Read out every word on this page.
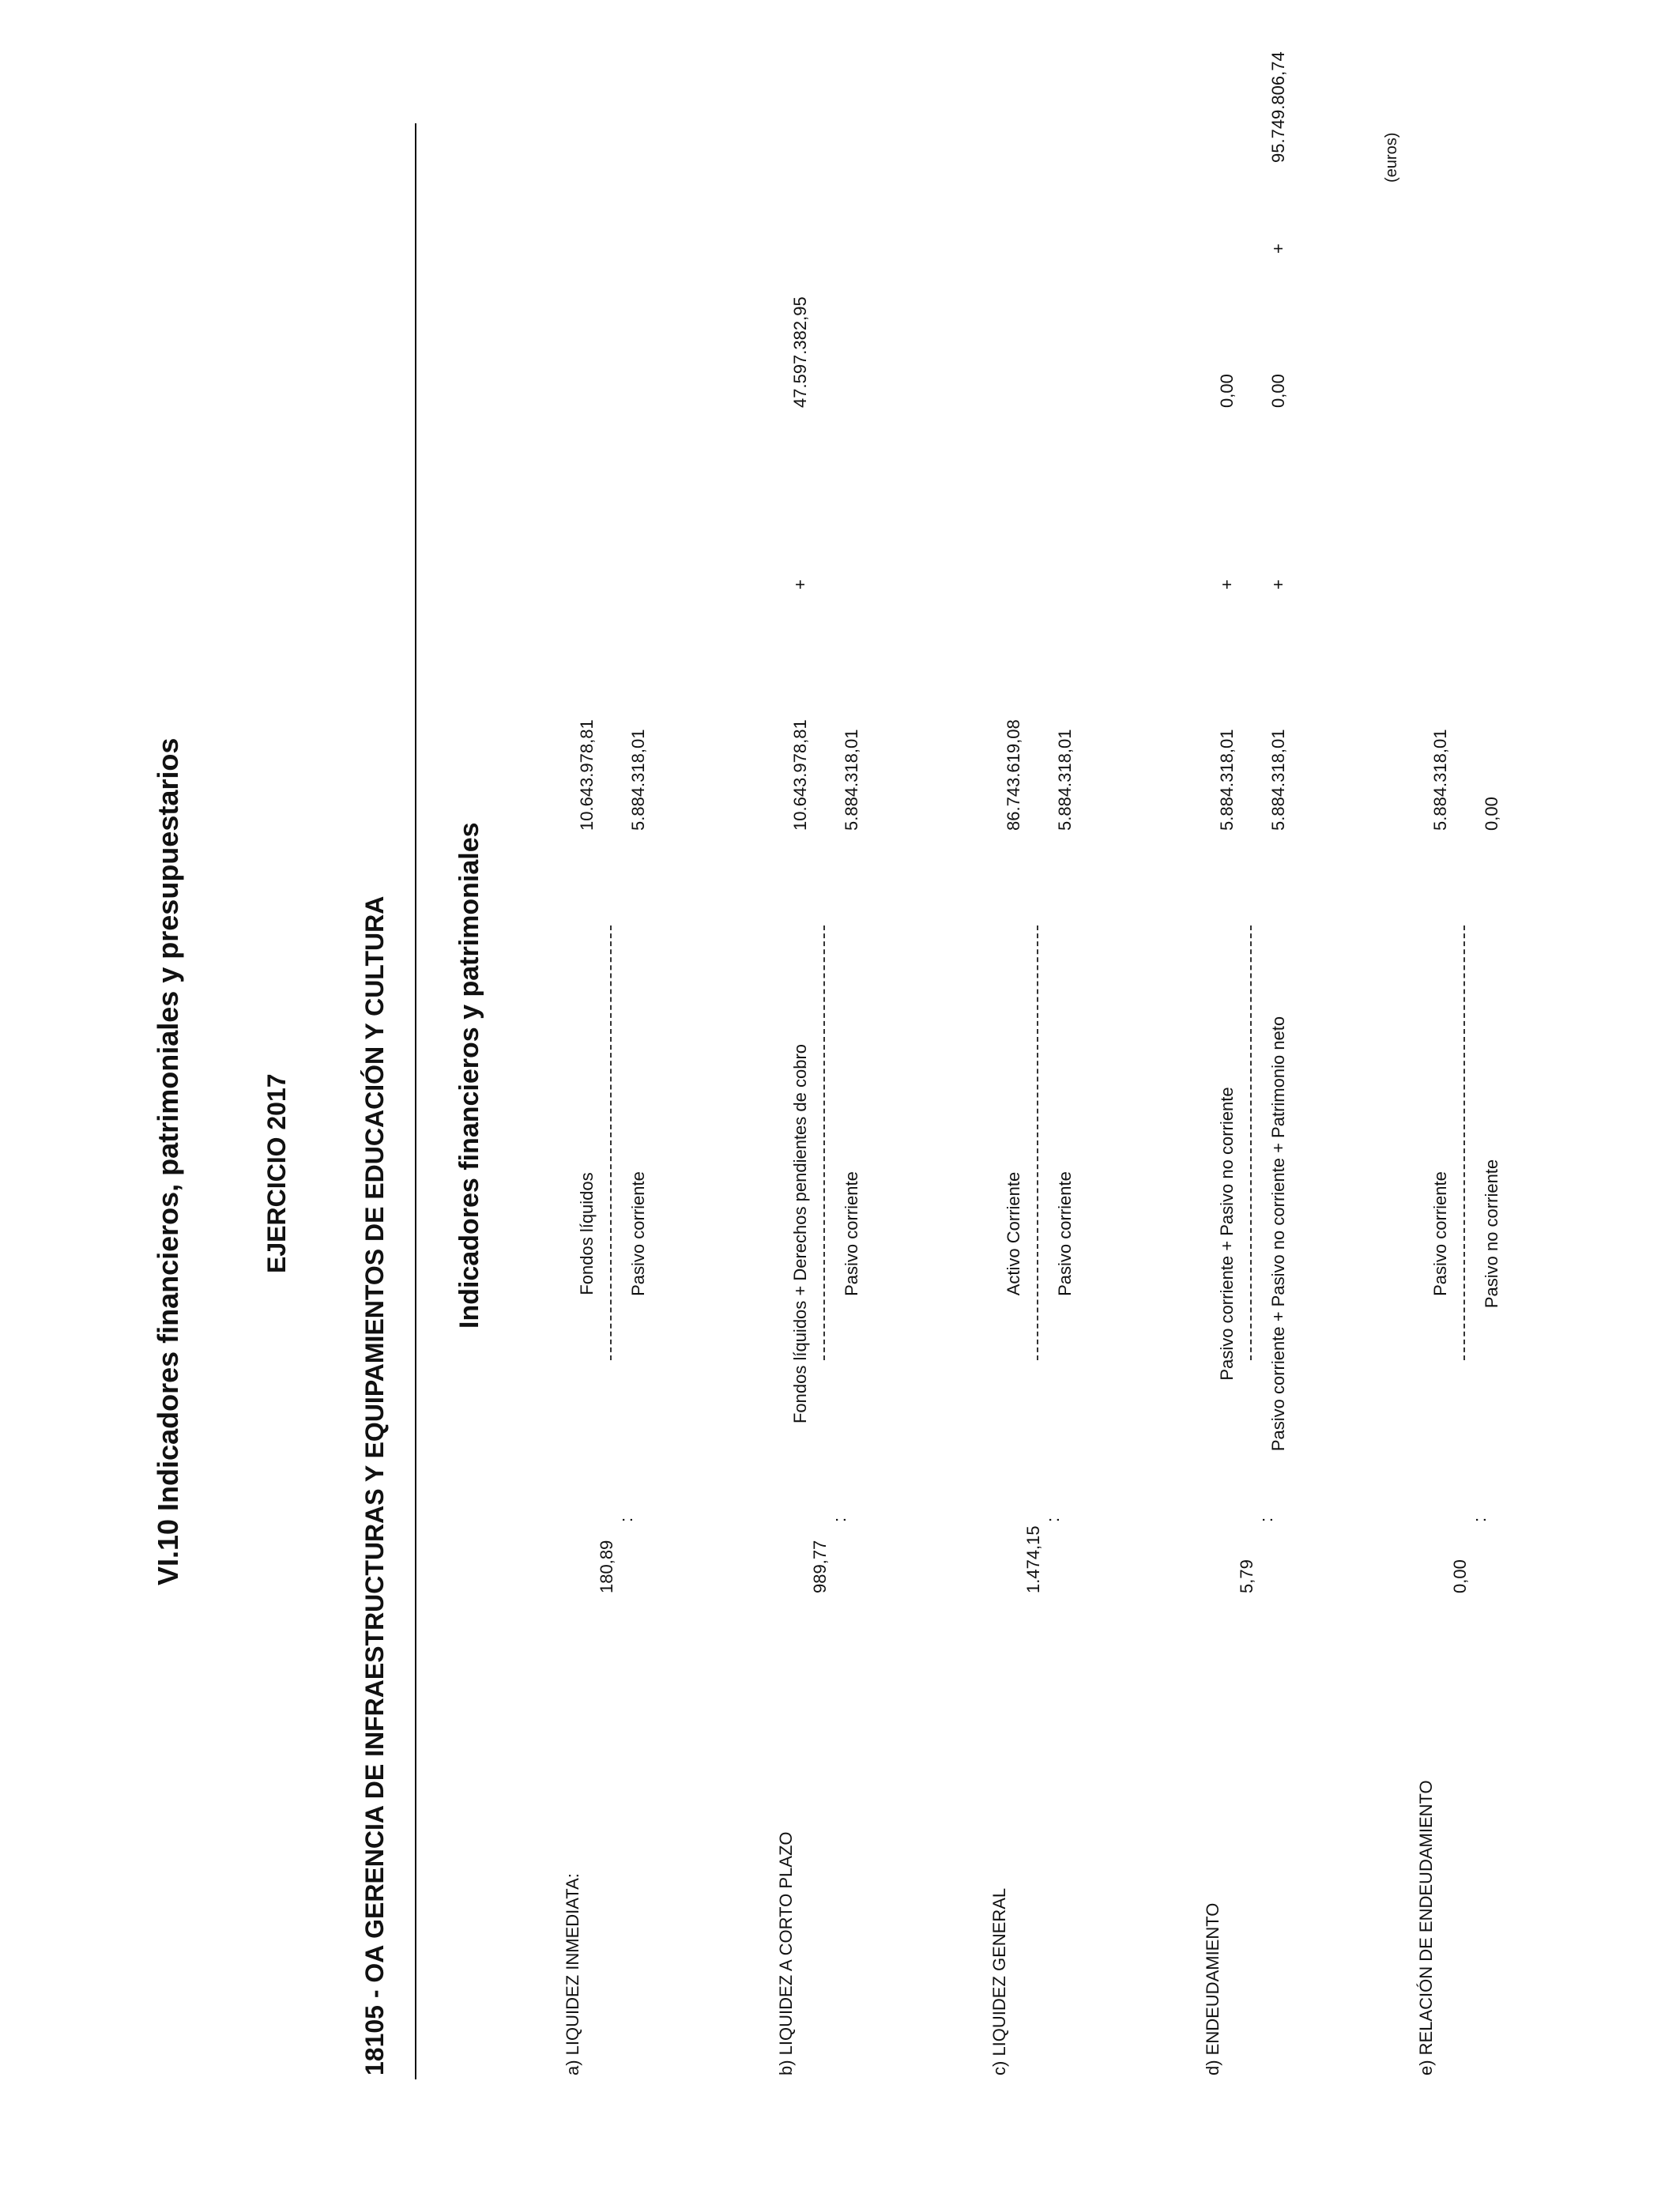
VI.10 Indicadores financieros, patrimoniales y presupuestarios	EJERCICIO 2017	18105 - OA GERENCIA DE INFRAESTRUCTURAS Y EQUIPAMIENTOS DE EDUCACIÓN Y CULTURA
(euros)
Indicadores financieros y patrimoniales
a) LIQUIDEZ INMEDIATA:
180,89
:
Fondos líquidos Pasivo corriente
10.643.978,81 5.884.318,01
b) LIQUIDEZ A CORTO PLAZO
989,77
:
Fondos líquidos + Derechos pendientes de cobro Pasivo corriente
10.643.978,81
+
47.597.382,95
5.884.318,01
c) LIQUIDEZ GENERAL
1.474,15
:
Activo Corriente Pasivo corriente
86.743.619,08 5.884.318,01
d) ENDEUDAMIENTO
5,79
:
Pasivo corriente + Pasivo no corriente Pasivo corriente + Pasivo no corriente + Patrimonio neto
5.884.318,01
+
0,00
5.884.318,01
+
0,00
+
95.749.806,74
e) RELACIÓN DE ENDEUDAMIENTO
0,00
:
Pasivo corriente Pasivo no corriente
5.884.318,01 0,00
